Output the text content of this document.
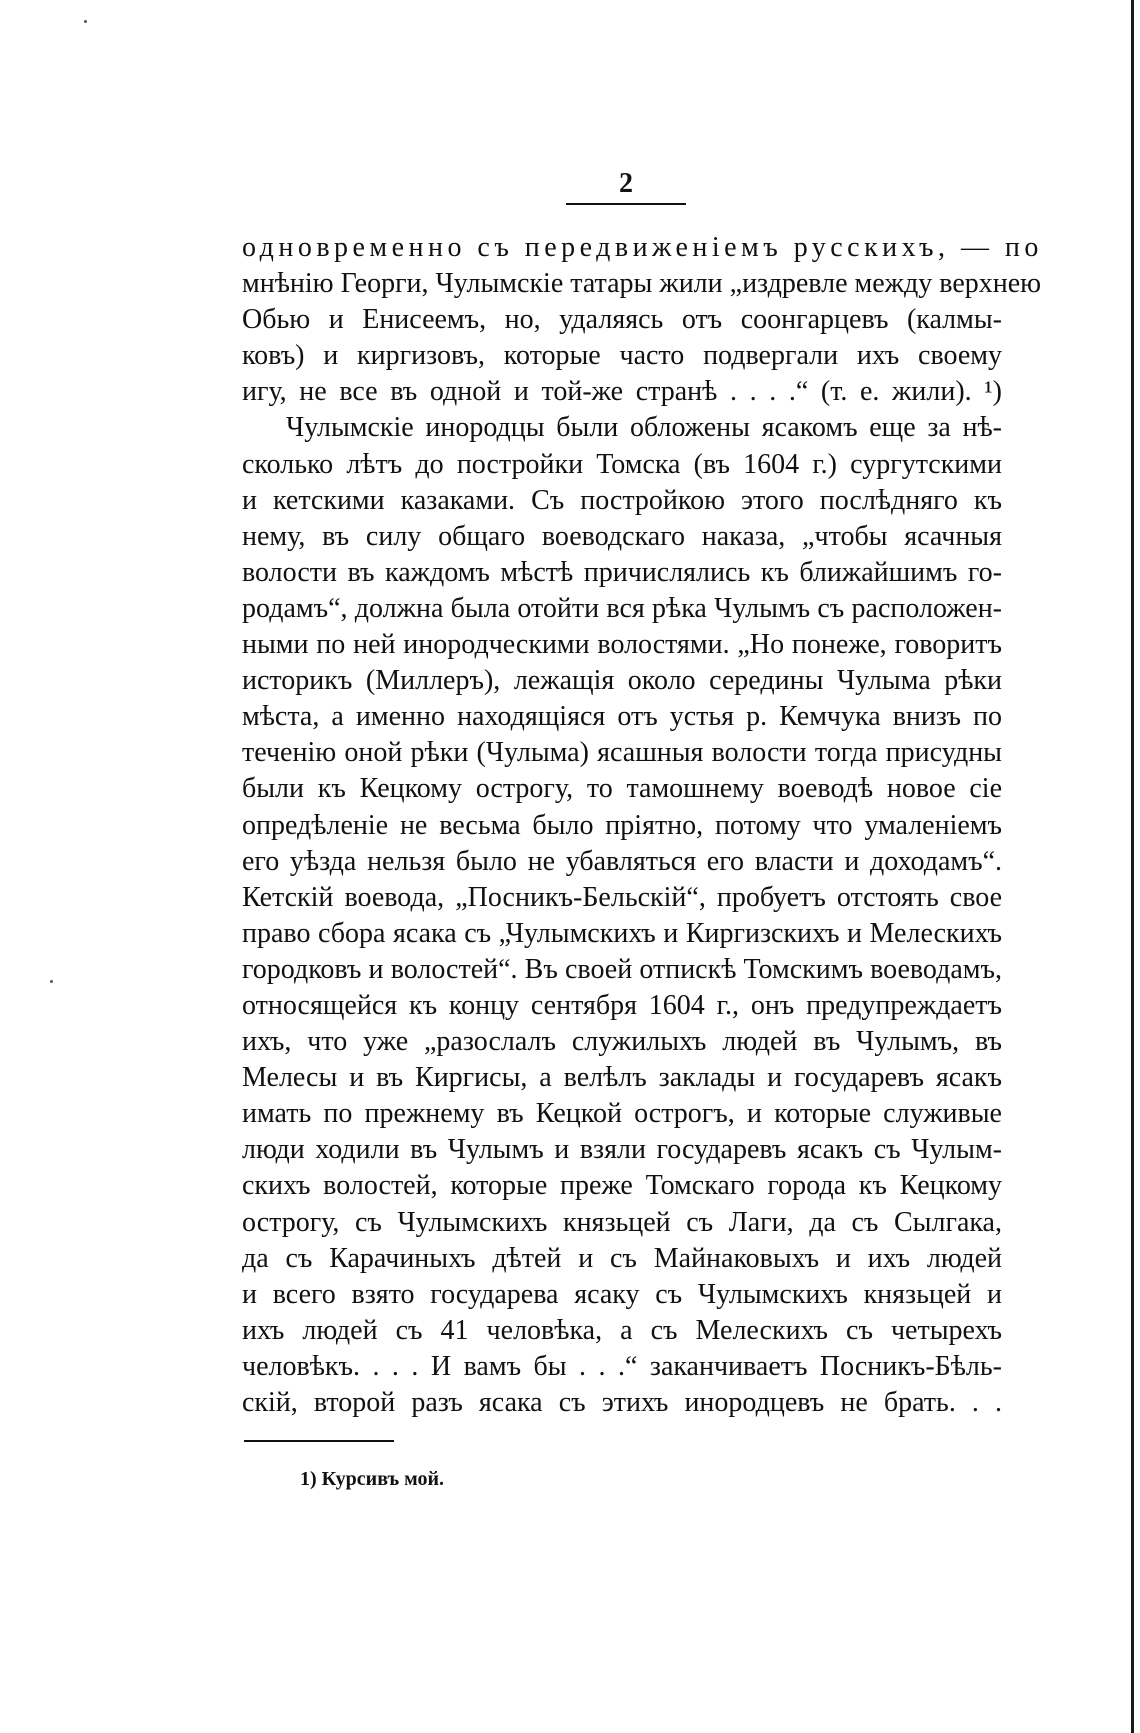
2
одновременно съ передвиженіемъ русскихъ, — по
мнѣнію Георги, Чулымскіе татары жили „издревле между верхнею
Обью и Енисеемъ, но, удаляясь отъ соонгарцевъ (калмы-
ковъ) и киргизовъ, которые часто подвергали ихъ своему
игу, не все въ одной и той-же странѣ . . . .“ (т. е. жили). ¹)
Чулымскіе инородцы были обложены ясакомъ еще за нѣ-
сколько лѣтъ до постройки Томска (въ 1604 г.) сургутскими
и кетскими казаками. Съ постройкою этого послѣдняго къ
нему, въ силу общаго воеводскаго наказа, „чтобы ясачныя
волости въ каждомъ мѣстѣ причислялись къ ближайшимъ го-
родамъ“, должна была отойти вся рѣка Чулымъ съ расположен-
ными по ней инородческими волостями. „Но понеже, говоритъ
историкъ (Миллеръ), лежащія около середины Чулыма рѣки
мѣста, а именно находящіяся отъ устья р. Кемчука внизъ по
теченію оной рѣки (Чулыма) ясашныя волости тогда присудны
были къ Кецкому острогу, то тамошнему воеводѣ новое сіе
опредѣленіе не весьма было пріятно, потому что умаленіемъ
его уѣзда нельзя было не убавляться его власти и доходамъ“.
Кетскій воевода, „Посникъ-Бельскій“, пробуетъ отстоять свое
право сбора ясака съ „Чулымскихъ и Киргизскихъ и Мелескихъ
городковъ и волостей“. Въ своей отпискѣ Томскимъ воеводамъ,
относящейся къ концу сентября 1604 г., онъ предупреждаетъ
ихъ, что уже „разослалъ служилыхъ людей въ Чулымъ, въ
Мелесы и въ Киргисы, а велѣлъ заклады и государевъ ясакъ
имать по прежнему въ Кецкой острогъ, и которые служивые
люди ходили въ Чулымъ и взяли государевъ ясакъ съ Чулым-
скихъ волостей, которые преже Томскаго города къ Кецкому
острогу, съ Чулымскихъ князьцей съ Лаги, да съ Сылгака,
да съ Карачиныхъ дѣтей и съ Майнаковыхъ и ихъ людей
и всего взято государева ясаку съ Чулымскихъ князьцей и
ихъ людей съ 41 человѣка, а съ Мелескихъ съ четырехъ
человѣкъ. . . . И вамъ бы . . .“ заканчиваетъ Посникъ-Бѣль-
скій, второй разъ ясака съ этихъ инородцевъ не брать. . .
1) Курсивъ мой.
